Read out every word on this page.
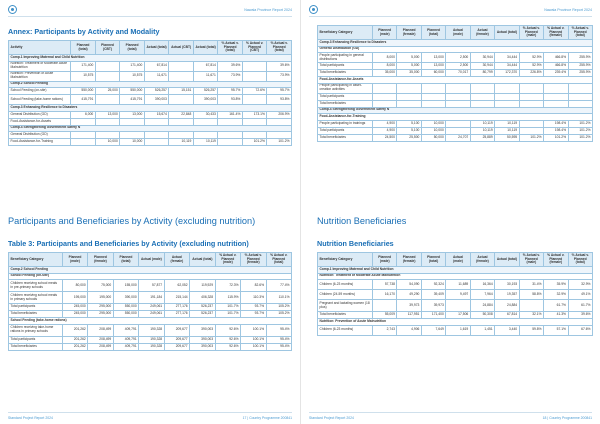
Nawala Province Report 2024
Annex: Participants by Activity and Modality
Activity	Planned (total)	Planned (CBT)	Planned (total)	Actual (total)	Actual (CBT)	Actual (total)	% Actual v. Planned (total)	% Actual v. Planned (CBT)	% Actual v. Planned (total)
Comp.1 Improving Maternal and Child Nutrition									
Nutrition: Treatment of Moderate Acute Malnutrition	171,400		171,400	67,814		67,814	39.6%		39.6%
Nutrition: Prevention of Acute Malnutrition	10,575		10,575	11,671		11,671	73.9%		73.9%
Comp.2 School Feeding									
School Feeding (on-site)	550,000	25,000	550,000	526,257	15,151	526,257	95.7%	72.6%	95.7%
School Feeding (take-home rations)	415,791		415,791	390,003		390,003	93.8%		93.8%
Comp.3 Enhancing Resilience to Disasters									
General Distribution (GD)	6,000	13,000	13,000	15,674	22,848	30,433	161.4%	173.1%	206.9%
Food-Assistance-for-Assets									
Comp.4 Strengthening Government Safety N									
General Distribution (GD)									
Food-Assistance-for-Training		10,000	10,000		10,119	10,119		101.2%	101.2%
Participants and Beneficiaries by Activity (excluding nutrition)
Table 3: Participants and Beneficiaries by Activity (excluding nutrition)
Beneficiary Category	Planned (male)	Planned (female)	Planned (total)	Actual (male)	Actual (female)	Actual (total)	% Actual v. Planned (male)	% Actual v. Planned (female)	% Actual v. Planned (total)
Comp.2 School Feeding									
School Feeding (on-site)									
Children receiving school meals in pre-primary schools	80,000	75,000	155,000	57,877	62,052	119,929	72.3%	82.6%	77.4%
Children receiving school meals in primary schools	195,000	195,000	390,000	191,184	215,144	406,328	115.9%	110.3%	110.1%
Total participants	245,000	295,000	550,000	249,061	277,176	526,237	101.7%	93.7%	105.2%
Total beneficiaries	245,000	295,000	550,000	249,061	277,176	526,237	101.7%	93.7%	105.2%
School Feeding (take-home rations)									
Children receiving take-home rations in primary schools	201,262	208,499	409,791	190,328	209,677	390,003	92.6%	100.1%	95.4%
Total participants	201,262	208,499	409,791	190,328	209,677	390,003	92.6%	100.1%	95.4%
Total beneficiaries	201,262	208,499	409,791	190,328	209,677	390,003	92.6%	100.1%	95.4%
Standard Project Report 2024	17 | Country Programme 200841
Nawala Province Report 2024
Beneficiary Category	Planned (male)	Planned (female)	Planned (total)	Actual (male)	Actual (female)	Actual (total)	% Actual v. Planned (male)	% Actual v. Planned (female)	% Actual v. Planned (total)
Comp.3 Enhancing Resilience to Disasters									
General Distribution (GD)									
People participating in general distributions	8,000	5,000	13,000	2,500	30,944	34,444	52.9%	466.8%	255.9%
Total participants	8,000	5,000	13,000	2,500	30,944	34,444	52.9%	466.8%	255.9%
Total beneficiaries	35,000	35,000	60,000	70,017	80,799	172,370	226.8%	239.4%	255.9%
Food-Assistance-for-Assets									
People participating in asset-creation activities									
Total participants									
Total beneficiaries									
Comp.4 Strengthening Government Safety N									
Food-Assistance-for-Training									
People participating in trainings	4,900	5,100	10,000		10,119	10,119		198.4%	101.2%
Total participants	4,900	5,100	10,000		10,119	10,119		198.4%	101.2%
Total beneficiaries	24,500	25,500	50,000	24,707	25,889	50,595	101.2%	101.2%	101.2%
Nutrition Beneficiaries
Nutrition Beneficiaries
Beneficiary Category	Planned (male)	Planned (female)	Planned (total)	Actual (male)	Actual (female)	Actual (total)	% Actual v. Planned (male)	% Actual v. Planned (female)	% Actual v. Planned (total)
Comp.1 Improving Maternal and Child Nutrition									
Nutrition: Treatment of Moderate Acute Malnutrition									
Children (6-23 months)	57,738	54,090	92,324	11,689	16,364	30,193	31.4%	35.9%	32.9%
Children (24-59 months)	16,170	49,290	39,409	9,497	7,964	19,357	58.8%	32.9%	49.1%
Pregnant and lactating women (18 plus)		39,973	39,973		24,884	24,884		61.7%	61.7%
Total beneficiaries	55,009	117,951	171,400	17,506	50,308	67,814	32.1%	41.3%	39.6%
Nutrition: Prevention of Acute Malnutrition									
Children (6-23 months)	2,743	4,906	7,649	1,619	1,451	3,440	59.8%	57.1%	67.6%
Standard Project Report 2024	18 | Country Programme 200841
